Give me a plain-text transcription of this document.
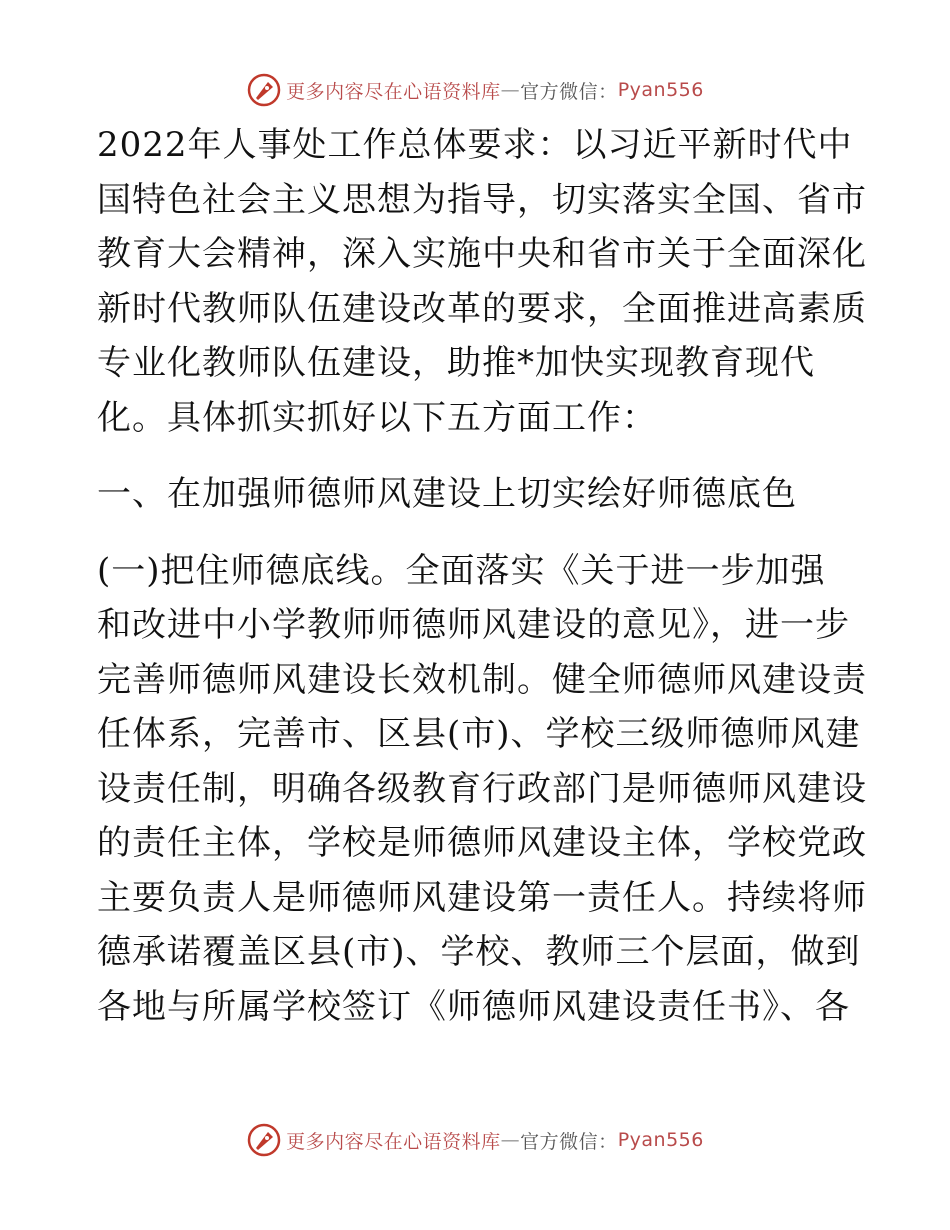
更多内容尽在心语资料库 — 官方微信： Pyan556
2022年人事处工作总体要求：以习近平新时代中
国特色社会主义思想为指导，切实落实全国、省市
教育大会精神，深入实施中央和省市关于全面深化
新时代教师队伍建设改革的要求，全面推进高素质
专业化教师队伍建设，助推*加快实现教育现代
化。具体抓实抓好以下五方面工作：
一、在加强师德师风建设上切实绘好师德底色
(一)把住师德底线。全面落实《关于进一步加强
和改进中小学教师师德师风建设的意见》，进一步
完善师德师风建设长效机制。健全师德师风建设责
任体系，完善市、区县(市)、学校三级师德师风建
设责任制，明确各级教育行政部门是师德师风建设
的责任主体，学校是师德师风建设主体，学校党政
主要负责人是师德师风建设第一责任人。持续将师
德承诺覆盖区县(市)、学校、教师三个层面，做到
各地与所属学校签订《师德师风建设责任书》、各
更多内容尽在心语资料库 — 官方微信： Pyan556
